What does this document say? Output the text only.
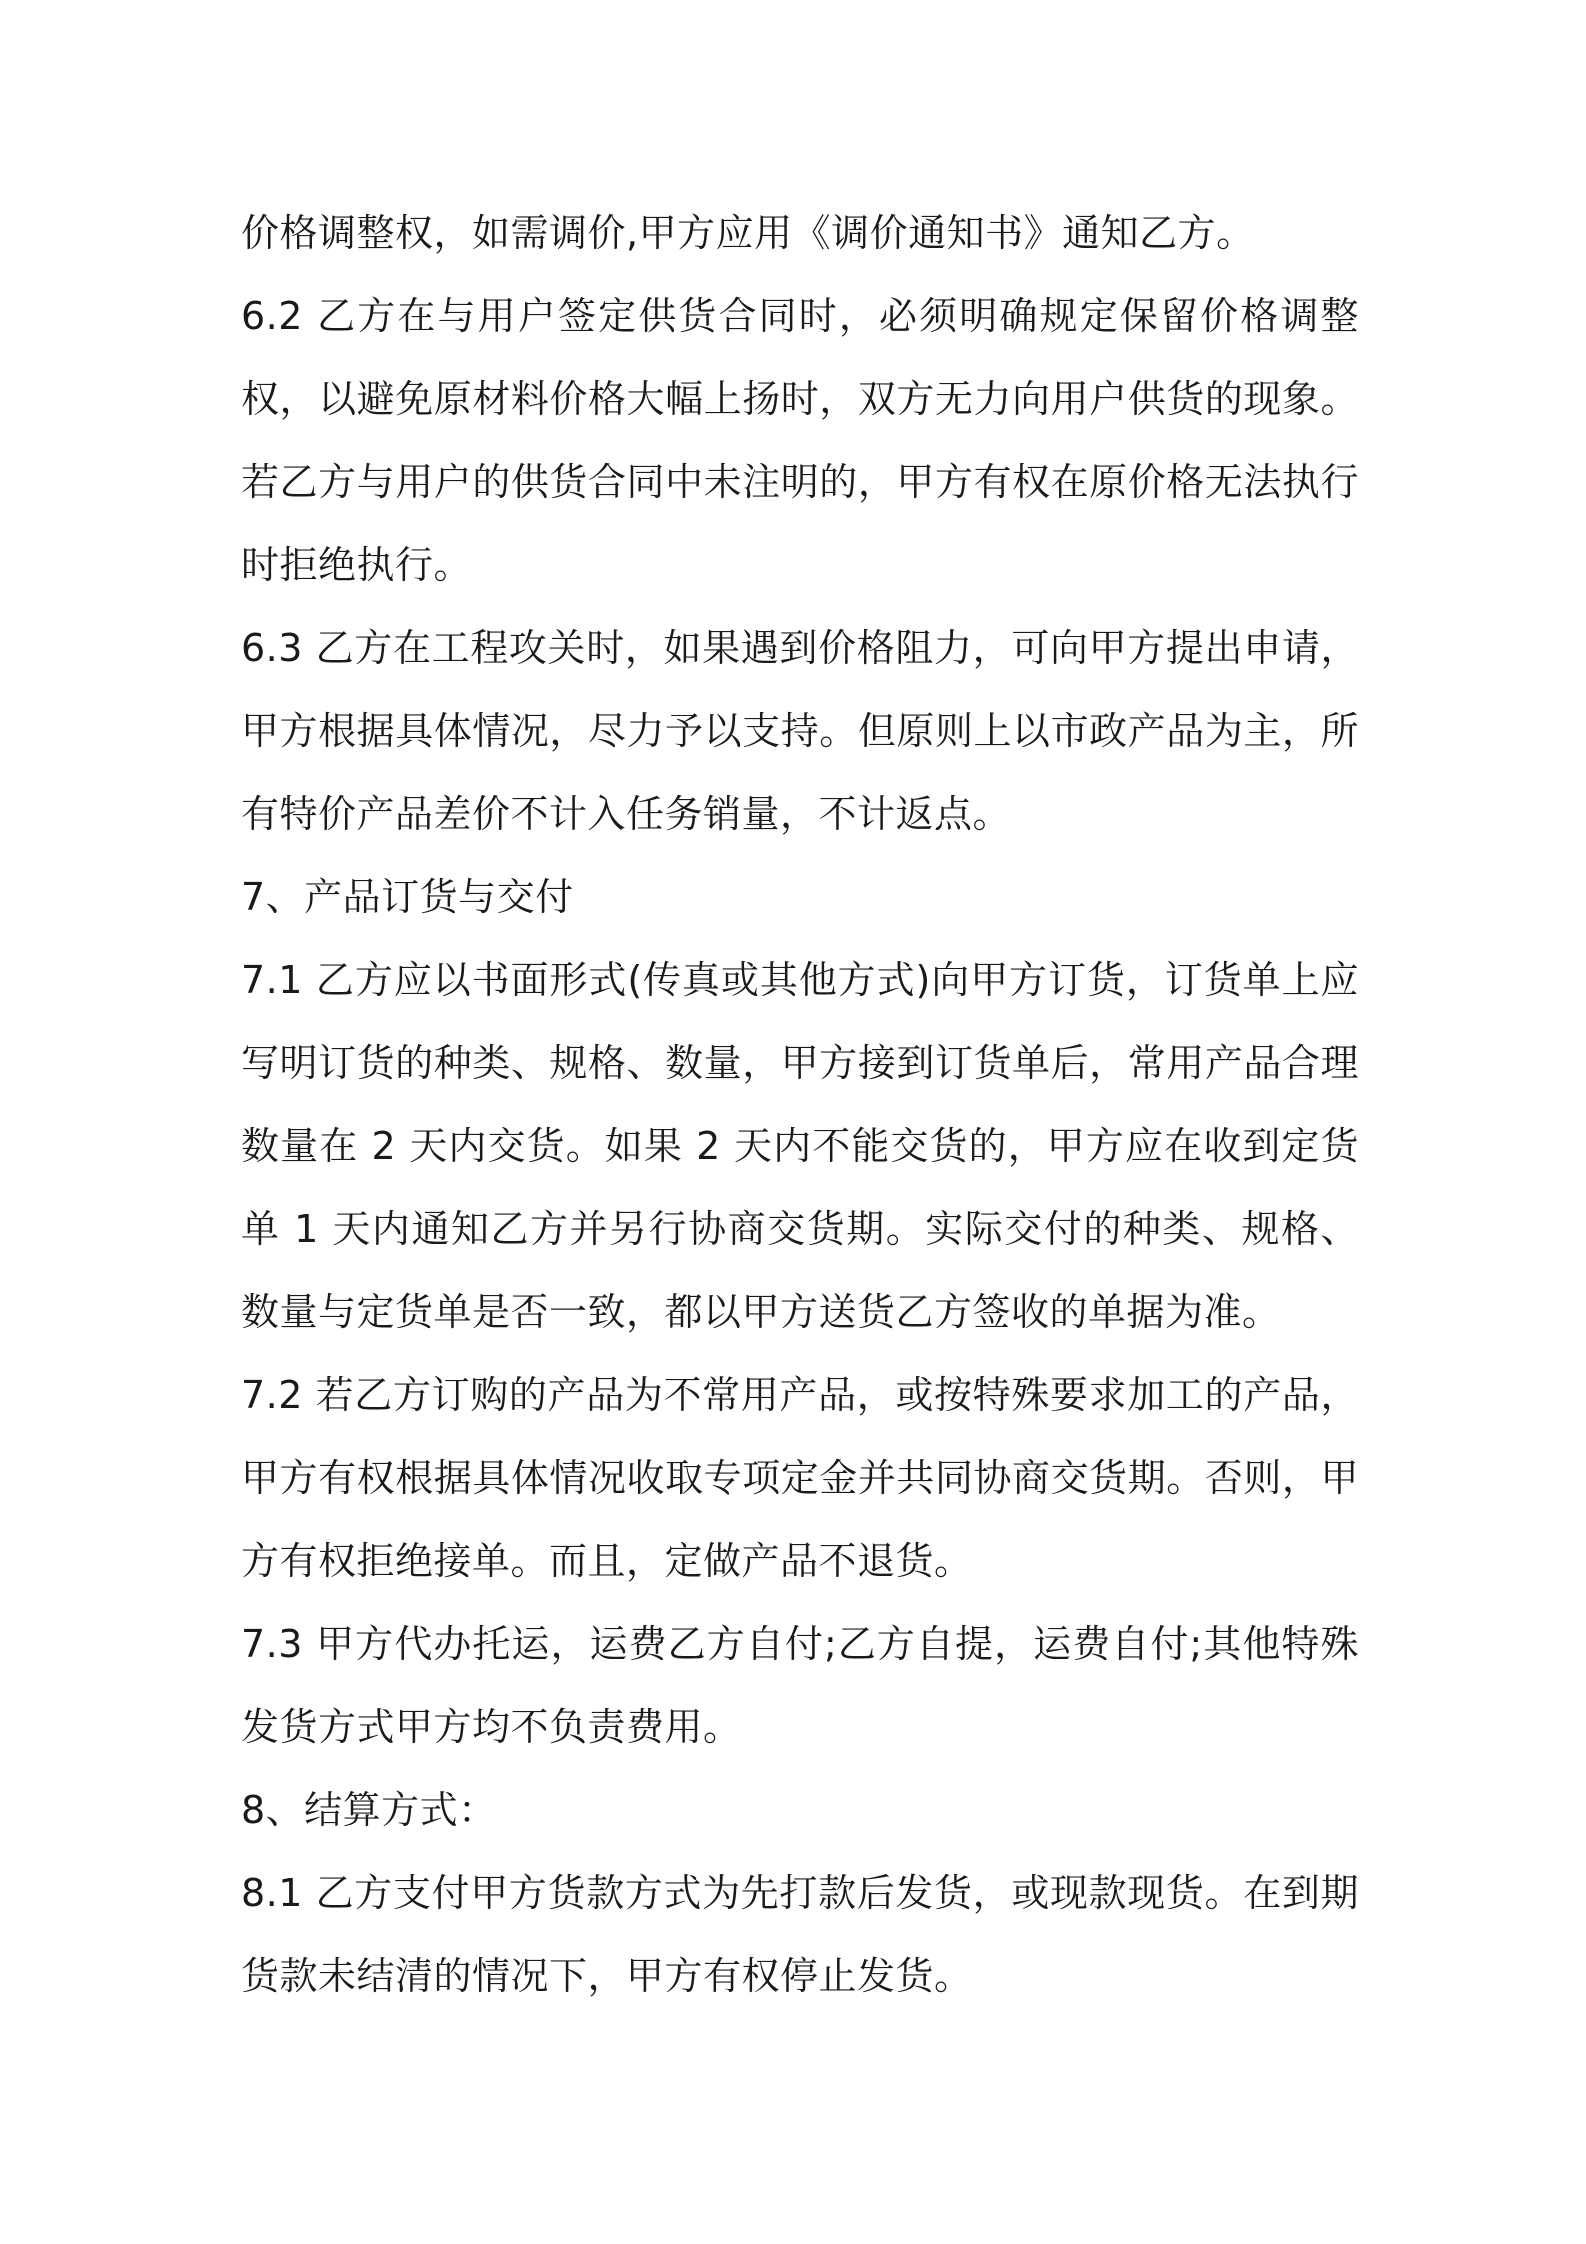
价格调整权，如需调价,甲方应用《调价通知书》通知乙方。

6.2 乙方在与用户签定供货合同时，必须明确规定保留价格调整权，以避免原材料价格大幅上扬时，双方无力向用户供货的现象。若乙方与用户的供货合同中未注明的，甲方有权在原价格无法执行时拒绝执行。

6.3 乙方在工程攻关时，如果遇到价格阻力，可向甲方提出申请，甲方根据具体情况，尽力予以支持。但原则上以市政产品为主，所有特价产品差价不计入任务销量，不计返点。

7、产品订货与交付

7.1 乙方应以书面形式(传真或其他方式)向甲方订货，订货单上应写明订货的种类、规格、数量，甲方接到订货单后，常用产品合理数量在 2 天内交货。如果 2 天内不能交货的，甲方应在收到定货单 1 天内通知乙方并另行协商交货期。实际交付的种类、规格、数量与定货单是否一致，都以甲方送货乙方签收的单据为准。

7.2 若乙方订购的产品为不常用产品，或按特殊要求加工的产品，甲方有权根据具体情况收取专项定金并共同协商交货期。否则，甲方有权拒绝接单。而且，定做产品不退货。

7.3 甲方代办托运，运费乙方自付;乙方自提，运费自付;其他特殊发货方式甲方均不负责费用。

8、结算方式：

8.1 乙方支付甲方货款方式为先打款后发货，或现款现货。在到期货款未结清的情况下，甲方有权停止发货。
